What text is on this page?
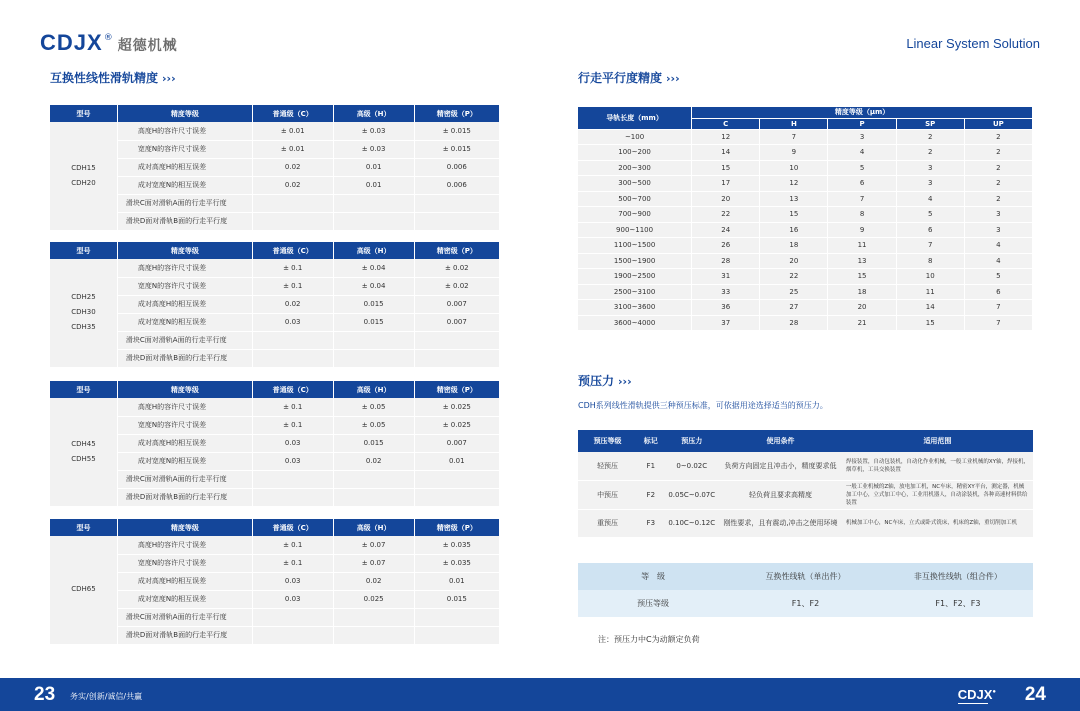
CDJX ® 超德机械	Linear System Solution
互换性线性滑轨精度 ›››
型号	精度等级	普通级（C）	高级（H）	精密级（P）

CDH15
CDH20	高度H的容许尺寸误差	± 0.01	± 0.03	± 0.015
	宽度N的容许尺寸误差	± 0.01	± 0.03	± 0.015
	成对高度H的相互误差	0.02	0.01	0.006
	成对宽度N的相互误差	0.02	0.01	0.006
	滑块C面对滑轨A面的行走平行度			
	滑块D面对滑轨B面的行走平行度			
型号	精度等级	普通级（C）	高级（H）	精密级（P）

CDH25
CDH30
CDH35	高度H的容许尺寸误差	± 0.1	± 0.04	± 0.02
	宽度N的容许尺寸误差	± 0.1	± 0.04	± 0.02
	成对高度H的相互误差	0.02	0.015	0.007
	成对宽度N的相互误差	0.03	0.015	0.007
	滑块C面对滑轨A面的行走平行度			
	滑块D面对滑轨B面的行走平行度			
型号	精度等级	普通级（C）	高级（H）	精密级（P）

CDH45
CDH55	高度H的容许尺寸误差	± 0.1	± 0.05	± 0.025
	宽度N的容许尺寸误差	± 0.1	± 0.05	± 0.025
	成对高度H的相互误差	0.03	0.015	0.007
	成对宽度N的相互误差	0.03	0.02	0.01
	滑块C面对滑轨A面的行走平行度			
	滑块D面对滑轨B面的行走平行度			
型号	精度等级	普通级（C）	高级（H）	精密级（P）

CDH65	高度H的容许尺寸误差	± 0.1	± 0.07	± 0.035
	宽度N的容许尺寸误差	± 0.1	± 0.07	± 0.035
	成对高度H的相互误差	0.03	0.02	0.01
	成对宽度N的相互误差	0.03	0.025	0.015
	滑块C面对滑轨A面的行走平行度			
	滑块D面对滑轨B面的行走平行度			
行走平行度精度 ›››
导轨长度（mm）	精度等级（μm）				
	C	H	P	SP	UP
~100	12	7	3	2	2
100~200	14	9	4	2	2
200~300	15	10	5	3	2
300~500	17	12	6	3	2
500~700	20	13	7	4	2
700~900	22	15	8	5	3
900~1100	24	16	9	6	3
1100~1500	26	18	11	7	4
1500~1900	28	20	13	8	4
1900~2500	31	22	15	10	5
2500~3100	33	25	18	11	6
3100~3600	36	27	20	14	7
3600~4000	37	28	21	15	7
预压力 ›››
CDH系列线性滑轨提供三种预压标准，可依据用途选择适当的预压力。
预压等级	标记	预压力	使用条件	适用范围
轻预压	F1	0~0.02C	负荷方向固定且冲击小，精度要求低	焊接装置，自动包装机，自动化作业机械，一般工业机械的XY轴，焊接机，烟草机，工具交换装置
中预压	F2	0.05C~0.07C	轻负荷且要求高精度	一般工业机械的Z轴，放电加工机，NC车床，精密XY平台，测定器，机械加工中心，立式加工中心，工业用机器人，自动涂装机，各种高速材料供给装置
重预压	F3	0.10C~0.12C	刚性要求，且有震动,冲击之使用环境	机械加工中心，NC车床，立式或卧式铣床，机床的Z轴，重切削加工机
等　级	互换性线轨（单出件）	非互换性线轨（组合件）
预压等级	F1、F2	F1、F2、F3
注：预压力中C为动额定负荷
23 务实/创新/诚信/共赢	CDJX● 24
